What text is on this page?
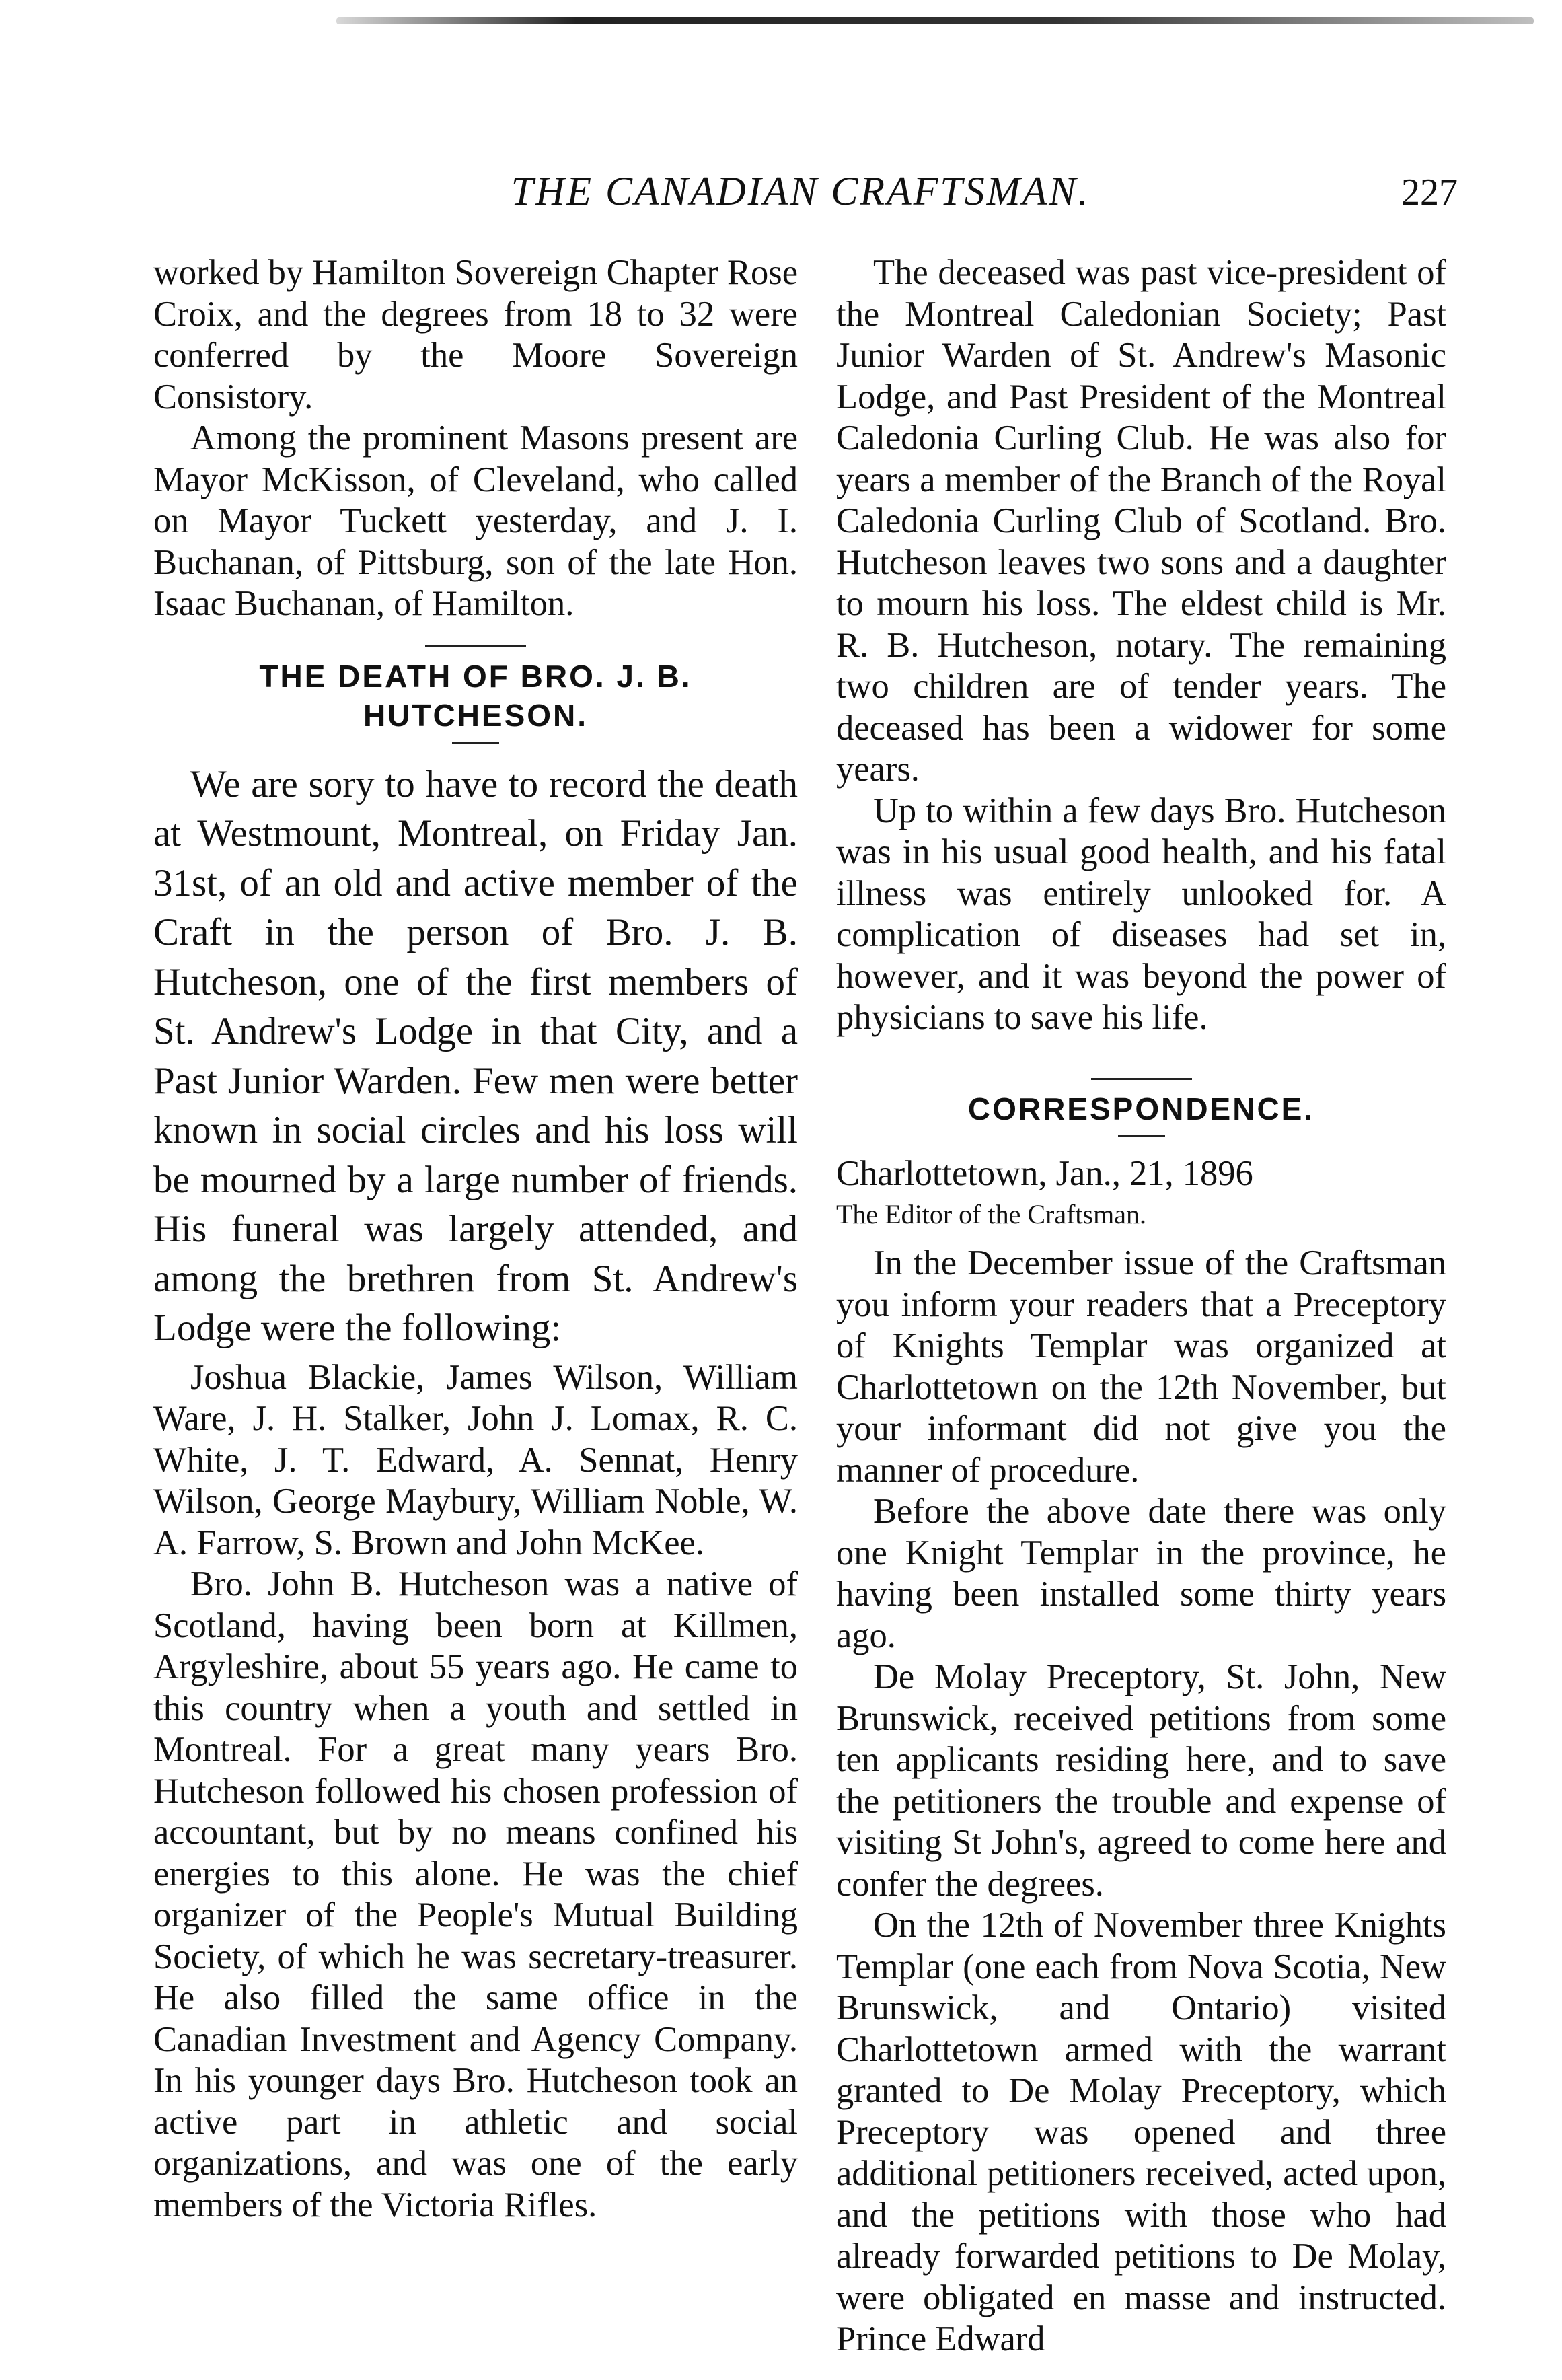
THE CANADIAN CRAFTSMAN.	227

worked by Hamilton Sovereign Chapter Rose Croix, and the degrees from 18 to 32 were conferred by the Moore Sovereign Consistory.

Among the prominent Masons present are Mayor McKisson, of Cleveland, who called on Mayor Tuckett yesterday, and J. I. Buchanan, of Pittsburg, son of the late Hon. Isaac Buchanan, of Hamilton.

THE DEATH OF BRO. J. B. HUTCHESON.

We are sory to have to record the death at Westmount, Montreal, on Friday Jan. 31st, of an old and active member of the Craft in the person of Bro. J. B. Hutcheson, one of the first members of St. Andrew's Lodge in that City, and a Past Junior Warden. Few men were better known in social circles and his loss will be mourned by a large number of friends. His funeral was largely attended, and among the brethren from St. Andrew's Lodge were the following:

Joshua Blackie, James Wilson, William Ware, J. H. Stalker, John J. Lomax, R. C. White, J. T. Edward, A. Sennat, Henry Wilson, George Maybury, William Noble, W. A. Farrow, S. Brown and John McKee.

Bro. John B. Hutcheson was a native of Scotland, having been born at Killmen, Argyleshire, about 55 years ago. He came to this country when a youth and settled in Montreal. For a great many years Bro. Hutcheson followed his chosen profession of accountant, but by no means confined his energies to this alone. He was the chief organizer of the People's Mutual Building Society, of which he was secretary-treasurer. He also filled the same office in the Canadian Investment and Agency Company. In his younger days Bro. Hutcheson took an active part in athletic and social organizations, and was one of the early members of the Victoria Rifles.

The deceased was past vice-president of the Montreal Caledonian Society; Past Junior Warden of St. Andrew's Masonic Lodge, and Past President of the Montreal Caledonia Curling Club. He was also for years a member of the Branch of the Royal Caledonia Curling Club of Scotland. Bro. Hutcheson leaves two sons and a daughter to mourn his loss. The eldest child is Mr. R. B. Hutcheson, notary. The remaining two children are of tender years. The deceased has been a widower for some years.

Up to within a few days Bro. Hutcheson was in his usual good health, and his fatal illness was entirely unlooked for. A complication of diseases had set in, however, and it was beyond the power of physicians to save his life.

CORRESPONDENCE.

Charlottetown, Jan., 21, 1896

The Editor of the Craftsman.

In the December issue of the Craftsman you inform your readers that a Preceptory of Knights Templar was organized at Charlottetown on the 12th November, but your informant did not give you the manner of procedure.

Before the above date there was only one Knight Templar in the province, he having been installed some thirty years ago.

De Molay Preceptory, St. John, New Brunswick, received petitions from some ten applicants residing here, and to save the petitioners the trouble and expense of visiting St John's, agreed to come here and confer the degrees.

On the 12th of November three Knights Templar (one each from Nova Scotia, New Brunswick, and Ontario) visited Charlottetown armed with the warrant granted to De Molay Preceptory, which Preceptory was opened and three additional petitioners received, acted upon, and the petitions with those who had already forwarded petitions to De Molay, were obligated en masse and instructed. Prince Edward
